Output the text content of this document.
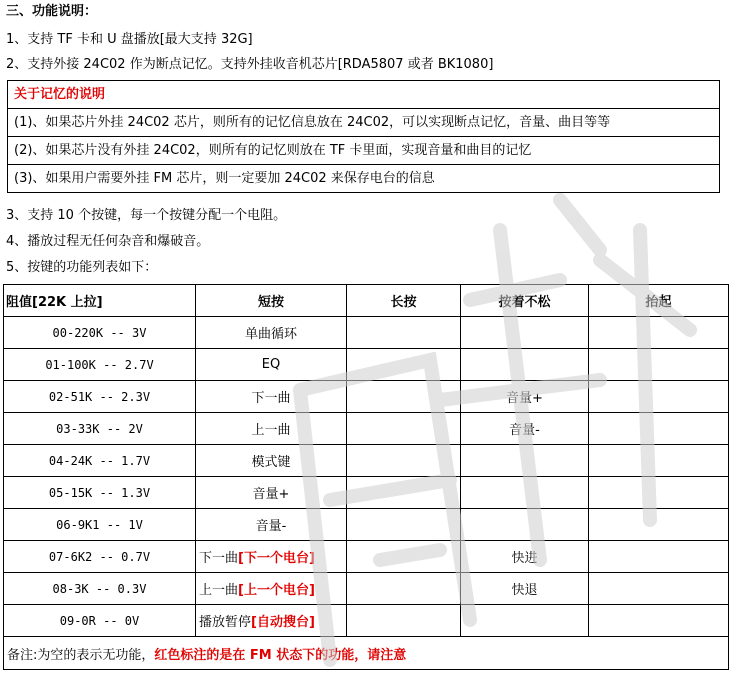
三、功能说明：
1、支持 TF 卡和 U 盘播放[最大支持 32G]
2、支持外接 24C02 作为断点记忆。支持外挂收音机芯片[RDA5807 或者 BK1080]
关于记忆的说明
(1)、如果芯片外挂 24C02 芯片，则所有的记忆信息放在 24C02，可以实现断点记忆，音量、曲目等等
(2)、如果芯片没有外挂 24C02，则所有的记忆则放在 TF 卡里面，实现音量和曲目的记忆
(3)、如果用户需要外挂 FM 芯片，则一定要加 24C02 来保存电台的信息
3、支持 10 个按键，每一个按键分配一个电阻。
4、播放过程无任何杂音和爆破音。
5、按键的功能列表如下：
阻值[22K 上拉]	短按	长按	按着不松	抬起
00-220K -- 3V	单曲循环			
01-100K -- 2.7V	EQ			
02-51K -- 2.3V	下一曲		音量+	
03-33K -- 2V	上一曲		音量-	
04-24K -- 1.7V	模式键			
05-15K -- 1.3V	音量+			
06-9K1 -- 1V	音量-			
07-6K2 -- 0.7V	下一曲[下一个电台]		快进	
08-3K -- 0.3V	上一曲[上一个电台]		快退	
09-0R -- 0V	播放暂停[自动搜台]			
备注:为空的表示无功能，红色标注的是在 FM 状态下的功能，请注意				
